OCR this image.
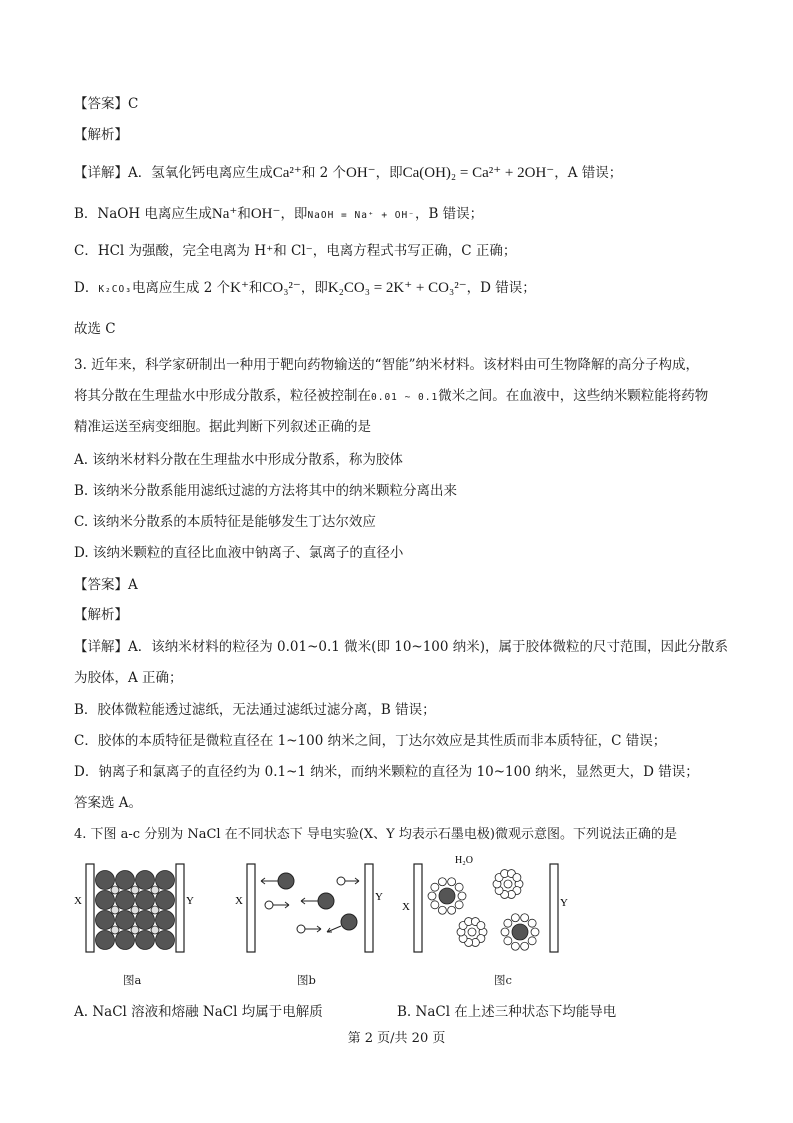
【答案】C
【解析】
【详解】A．氢氧化钙电离应生成Ca²⁺和 2 个OH⁻，即Ca(OH)₂ = Ca²⁺ + 2OH⁻，A 错误；
B．NaOH 电离应生成Na⁺和OH⁻，即NaOH = Na⁺ + OH⁻，B 错误；
C．HCl 为强酸，完全电离为 H⁺和 Cl⁻，电离方程式书写正确，C 正确；
D．K₂CO₃电离应生成 2 个K⁺和CO₃²⁻，即K₂CO₃ = 2K⁺ + CO₃²⁻，D 错误；
故选 C
3. 近年来，科学家研制出一种用于靶向药物输送的“智能”纳米材料。该材料由可生物降解的高分子构成，
将其分散在生理盐水中形成分散系，粒径被控制在0.01 ~ 0.1微米之间。在血液中，这些纳米颗粒能将药物
精准运送至病变细胞。据此判断下列叙述正确的是
A. 该纳米材料分散在生理盐水中形成分散系，称为胶体
B. 该纳米分散系能用滤纸过滤的方法将其中的纳米颗粒分离出来
C. 该纳米分散系的本质特征是能够发生丁达尔效应
D. 该纳米颗粒的直径比血液中钠离子、氯离子的直径小
【答案】A
【解析】
【详解】A．该纳米材料的粒径为 0.01~0.1 微米(即 10~100 纳米)，属于胶体微粒的尺寸范围，因此分散系
为胶体，A 正确；
B．胶体微粒能透过滤纸，无法通过滤纸过滤分离，B 错误；
C．胶体的本质特征是微粒直径在 1~100 纳米之间，丁达尔效应是其性质而非本质特征，C 错误；
D．钠离子和氯离子的直径约为 0.1~1 纳米，而纳米颗粒的直径为 10~100 纳米，显然更大，D 错误；
答案选 A。
4. 下图 a-c 分别为 NaCl 在不同状态下 导电实验(X、Y 均表示石墨电极)微观示意图。下列说法正确的是
X	Y
图a
X	Y
图b
X	Y
H₂O
图c
A. NaCl 溶液和熔融 NaCl 均属于电解质	B. NaCl 在上述三种状态下均能导电
第 2 页/共 20 页
